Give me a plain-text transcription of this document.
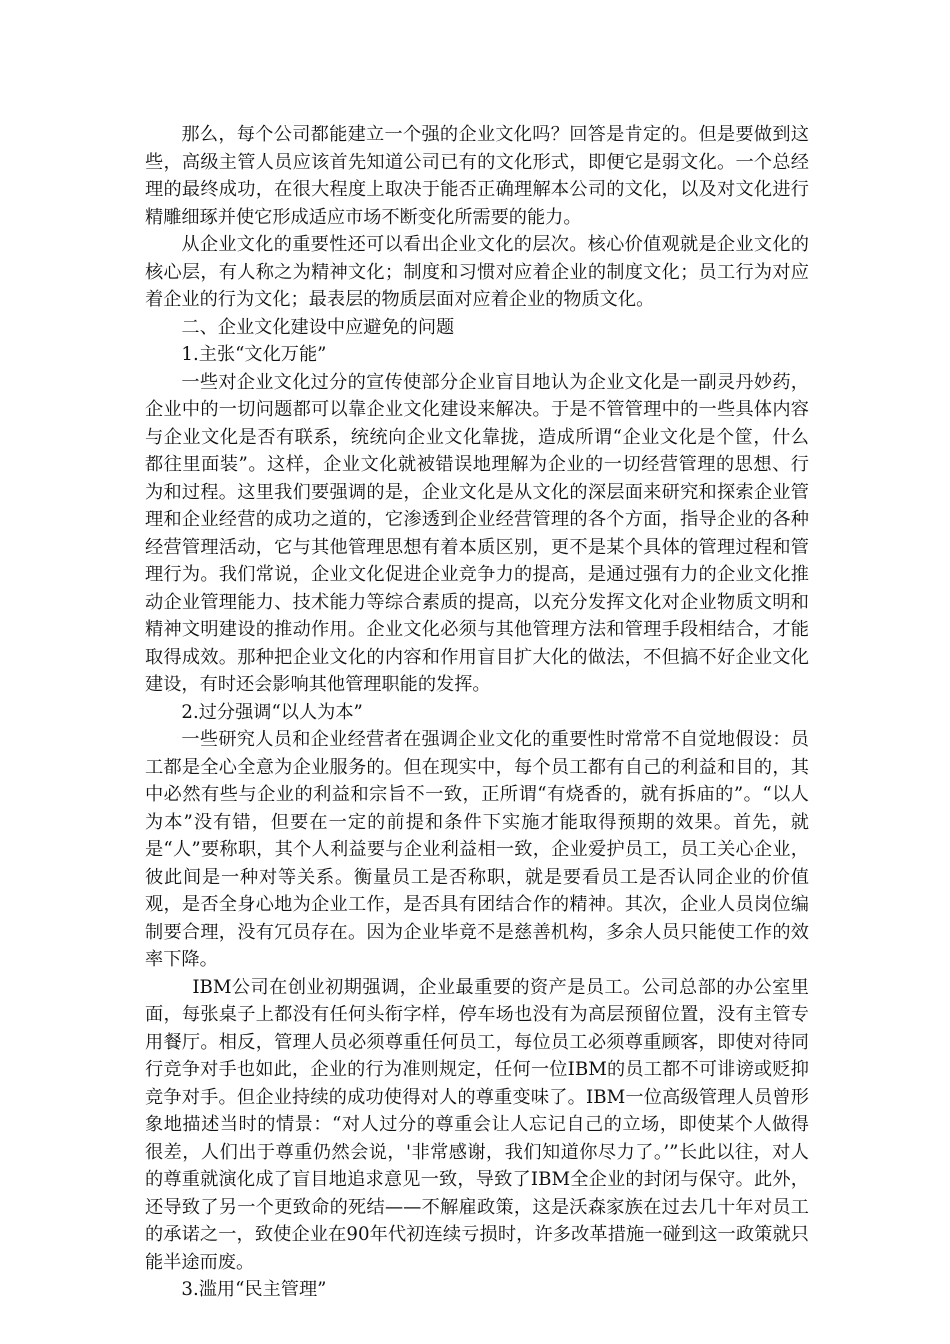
那么，每个公司都能建立一个强的企业文化吗？回答是肯定的。但是要做到这些，高级主管人员应该首先知道公司已有的文化形式，即便它是弱文化。一个总经理的最终成功，在很大程度上取决于能否正确理解本公司的文化，以及对文化进行精雕细琢并使它形成适应市场不断变化所需要的能力。

从企业文化的重要性还可以看出企业文化的层次。核心价值观就是企业文化的核心层，有人称之为精神文化；制度和习惯对应着企业的制度文化；员工行为对应着企业的行为文化；最表层的物质层面对应着企业的物质文化。

二、企业文化建设中应避免的问题

1.主张“文化万能”

一些对企业文化过分的宣传使部分企业盲目地认为企业文化是一副灵丹妙药，企业中的一切问题都可以靠企业文化建设来解决。于是不管管理中的一些具体内容与企业文化是否有联系，统统向企业文化靠拢，造成所谓“企业文化是个筐，什么都往里面装”。这样，企业文化就被错误地理解为企业的一切经营管理的思想、行为和过程。这里我们要强调的是，企业文化是从文化的深层面来研究和探索企业管理和企业经营的成功之道的，它渗透到企业经营管理的各个方面，指导企业的各种经营管理活动，它与其他管理思想有着本质区别，更不是某个具体的管理过程和管理行为。我们常说，企业文化促进企业竞争力的提高，是通过强有力的企业文化推动企业管理能力、技术能力等综合素质的提高，以充分发挥文化对企业物质文明和精神文明建设的推动作用。企业文化必须与其他管理方法和管理手段相结合，才能取得成效。那种把企业文化的内容和作用盲目扩大化的做法，不但搞不好企业文化建设，有时还会影响其他管理职能的发挥。

2.过分强调“以人为本”

一些研究人员和企业经营者在强调企业文化的重要性时常常不自觉地假设：员工都是全心全意为企业服务的。但在现实中，每个员工都有自己的利益和目的，其中必然有些与企业的利益和宗旨不一致，正所谓“有烧香的，就有拆庙的”。“以人为本”没有错，但要在一定的前提和条件下实施才能取得预期的效果。首先，就是“人”要称职，其个人利益要与企业利益相一致，企业爱护员工，员工关心企业，彼此间是一种对等关系。衡量员工是否称职，就是要看员工是否认同企业的价值观，是否全身心地为企业工作，是否具有团结合作的精神。其次，企业人员岗位编制要合理，没有冗员存在。因为企业毕竟不是慈善机构，多余人员只能使工作的效率下降。

IBM公司在创业初期强调，企业最重要的资产是员工。公司总部的办公室里面，每张桌子上都没有任何头衔字样，停车场也没有为高层预留位置，没有主管专用餐厅。相反，管理人员必须尊重任何员工，每位员工必须尊重顾客，即使对待同行竞争对手也如此，企业的行为准则规定，任何一位IBM的员工都不可诽谤或贬抑竞争对手。但企业持续的成功使得对人的尊重变味了。IBM一位高级管理人员曾形象地描述当时的情景：“对人过分的尊重会让人忘记自己的立场，即使某个人做得很差，人们出于尊重仍然会说，'非常感谢，我们知道你尽力了。’”长此以往，对人的尊重就演化成了盲目地追求意见一致，导致了IBM全企业的封闭与保守。此外，还导致了另一个更致命的死结——不解雇政策，这是沃森家族在过去几十年对员工的承诺之一，致使企业在90年代初连续亏损时，许多改革措施一碰到这一政策就只能半途而废。

3.滥用“民主管理”
